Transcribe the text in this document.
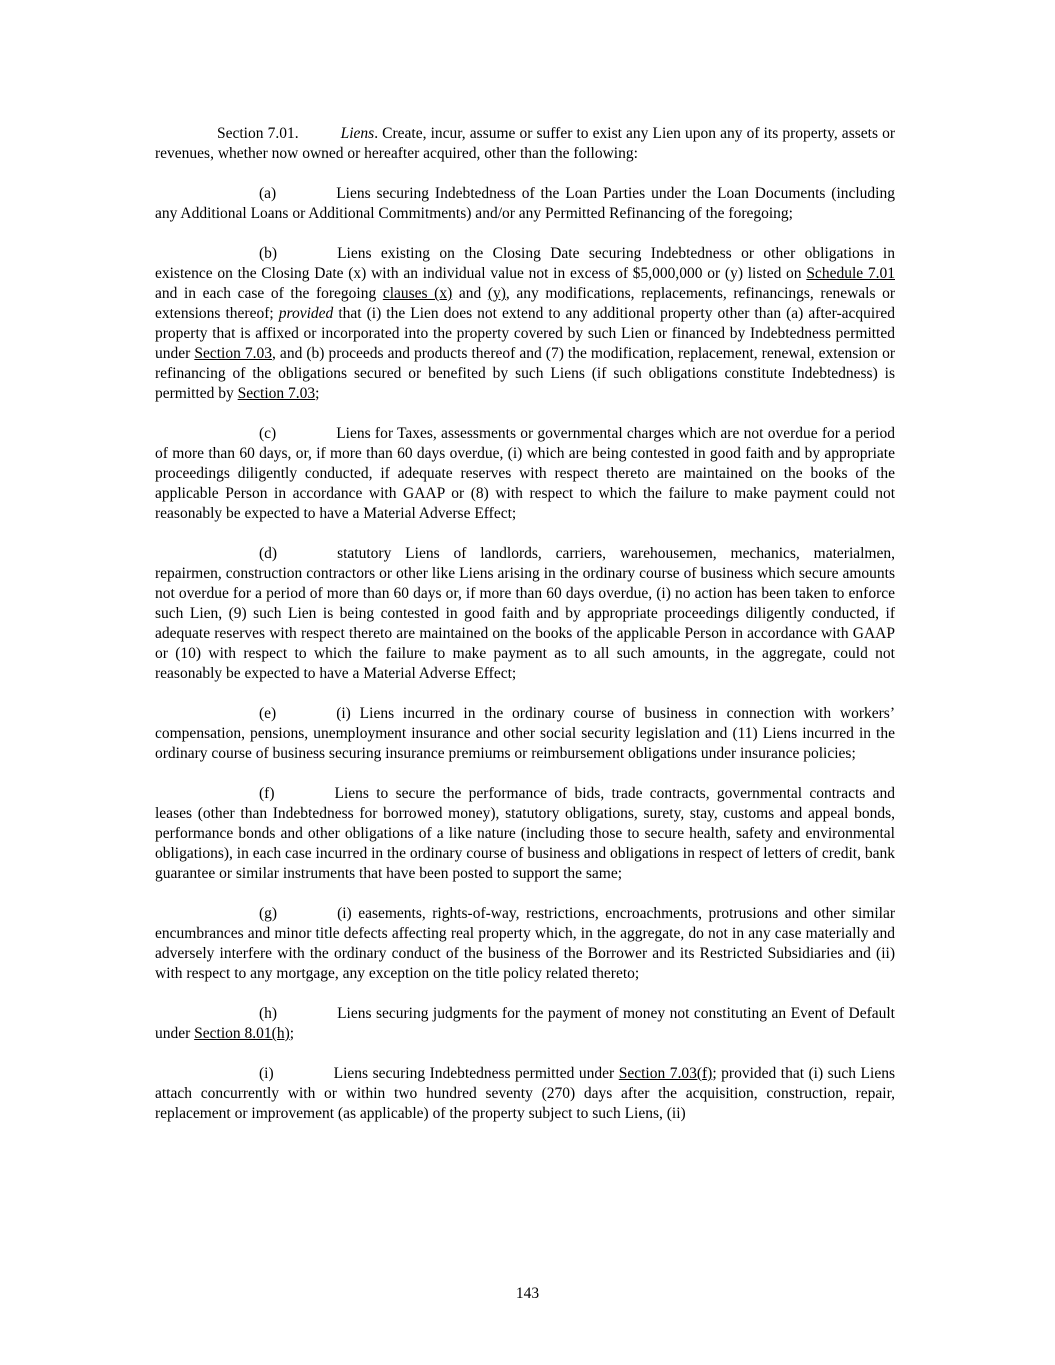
Section 7.01.	Liens. Create, incur, assume or suffer to exist any Lien upon any of its property, assets or revenues, whether now owned or hereafter acquired, other than the following:

(a)	Liens securing Indebtedness of the Loan Parties under the Loan Documents (including any Additional Loans or Additional Commitments) and/or any Permitted Refinancing of the foregoing;

(b)	Liens existing on the Closing Date securing Indebtedness or other obligations in existence on the Closing Date (x) with an individual value not in excess of $5,000,000 or (y) listed on Schedule 7.01 and in each case of the foregoing clauses (x) and (y), any modifications, replacements, refinancings, renewals or extensions thereof; provided that (i) the Lien does not extend to any additional property other than (a) after-acquired property that is affixed or incorporated into the property covered by such Lien or financed by Indebtedness permitted under Section 7.03, and (b) proceeds and products thereof and (7) the modification, replacement, renewal, extension or refinancing of the obligations secured or benefited by such Liens (if such obligations constitute Indebtedness) is permitted by Section 7.03;

(c)	Liens for Taxes, assessments or governmental charges which are not overdue for a period of more than 60 days, or, if more than 60 days overdue, (i) which are being contested in good faith and by appropriate proceedings diligently conducted, if adequate reserves with respect thereto are maintained on the books of the applicable Person in accordance with GAAP or (8) with respect to which the failure to make payment could not reasonably be expected to have a Material Adverse Effect;

(d)	statutory Liens of landlords, carriers, warehousemen, mechanics, materialmen, repairmen, construction contractors or other like Liens arising in the ordinary course of business which secure amounts not overdue for a period of more than 60 days or, if more than 60 days overdue, (i) no action has been taken to enforce such Lien, (9) such Lien is being contested in good faith and by appropriate proceedings diligently conducted, if adequate reserves with respect thereto are maintained on the books of the applicable Person in accordance with GAAP or (10) with respect to which the failure to make payment as to all such amounts, in the aggregate, could not reasonably be expected to have a Material Adverse Effect;

(e)	(i) Liens incurred in the ordinary course of business in connection with workers’ compensation, pensions, unemployment insurance and other social security legislation and (11) Liens incurred in the ordinary course of business securing insurance premiums or reimbursement obligations under insurance policies;

(f)	Liens to secure the performance of bids, trade contracts, governmental contracts and leases (other than Indebtedness for borrowed money), statutory obligations, surety, stay, customs and appeal bonds, performance bonds and other obligations of a like nature (including those to secure health, safety and environmental obligations), in each case incurred in the ordinary course of business and obligations in respect of letters of credit, bank guarantee or similar instruments that have been posted to support the same;

(g)	(i) easements, rights-of-way, restrictions, encroachments, protrusions and other similar encumbrances and minor title defects affecting real property which, in the aggregate, do not in any case materially and adversely interfere with the ordinary conduct of the business of the Borrower and its Restricted Subsidiaries and (ii) with respect to any mortgage, any exception on the title policy related thereto;

(h)	Liens securing judgments for the payment of money not constituting an Event of Default under Section 8.01(h);

(i)	Liens securing Indebtedness permitted under Section 7.03(f); provided that (i) such Liens attach concurrently with or within two hundred seventy (270) days after the acquisition, construction, repair, replacement or improvement (as applicable) of the property subject to such Liens, (ii)

143
